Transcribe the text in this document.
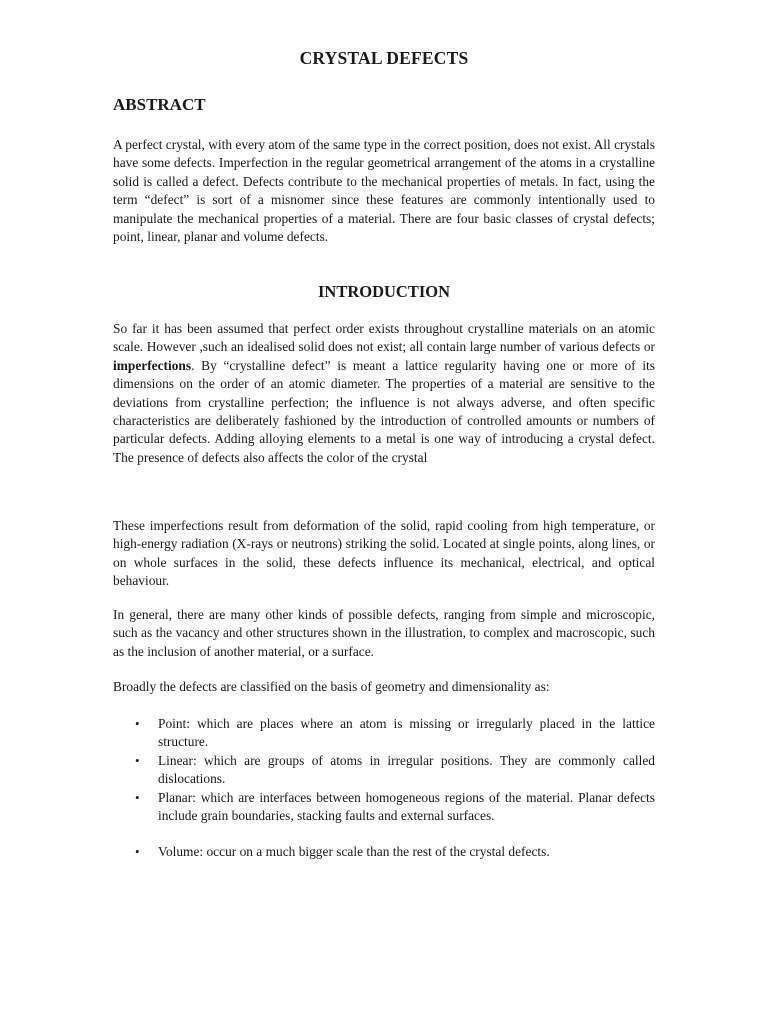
CRYSTAL DEFECTS
ABSTRACT

A perfect crystal, with every atom of the same type in the correct position, does not exist. All crystals have some defects. Imperfection in the regular geometrical arrangement of the atoms in a crystalline solid is called a defect. Defects contribute to the mechanical properties of metals. In fact, using the term “defect” is sort of a misnomer since these features are commonly intentionally used to manipulate the mechanical properties of a material. There are four basic classes of crystal defects; point, linear, planar and volume defects.

INTRODUCTION

So far it has been assumed that perfect order exists throughout crystalline materials on an atomic scale. However ,such an idealised solid does not exist; all contain large number of various defects or imperfections. By “crystalline defect” is meant a lattice regularity having one or more of its dimensions on the order of an atomic diameter. The properties of a material are sensitive to the deviations from crystalline perfection; the influence is not always adverse, and often specific characteristics are deliberately fashioned by the introduction of controlled amounts or numbers of particular defects. Adding alloying elements to a metal is one way of introducing a crystal defect. The presence of defects also affects the color of the crystal

These imperfections result from deformation of the solid, rapid cooling from high temperature, or high-energy radiation (X-rays or neutrons) striking the solid. Located at single points, along lines, or on whole surfaces in the solid, these defects influence its mechanical, electrical, and optical behaviour.

In general, there are many other kinds of possible defects, ranging from simple and microscopic, such as the vacancy and other structures shown in the illustration, to complex and macroscopic, such as the inclusion of another material, or a surface.

Broadly the defects are classified on the basis of geometry and dimensionality as:

• Point: which are places where an atom is missing or irregularly placed in the lattice structure.
• Linear: which are groups of atoms in irregular positions. They are commonly called dislocations.
• Planar: which are interfaces between homogeneous regions of the material. Planar defects include grain boundaries, stacking faults and external surfaces.
• Volume: occur on a much bigger scale than the rest of the crystal defects.
